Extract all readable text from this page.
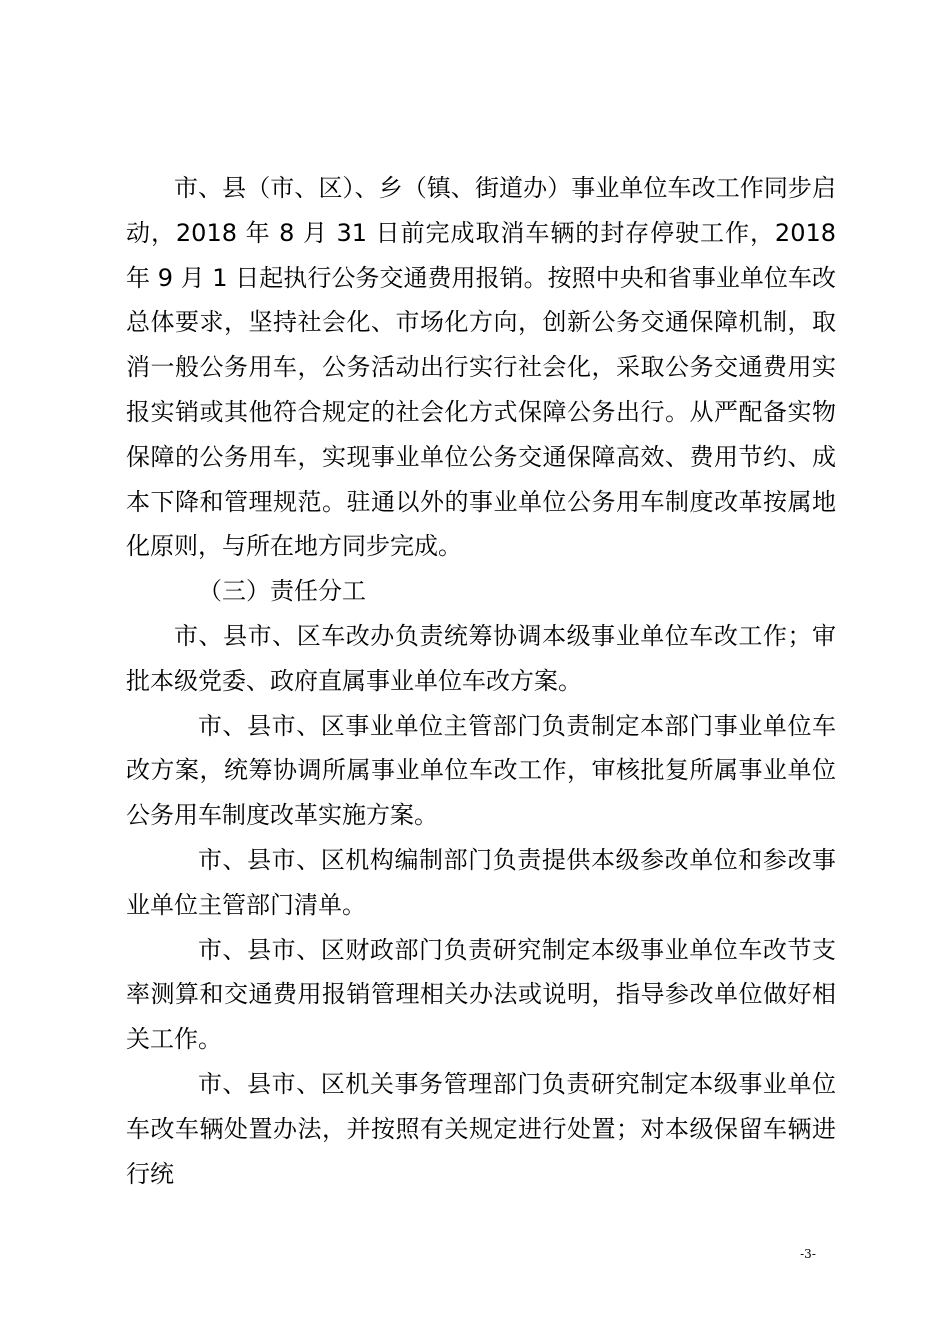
市、县（市、区）、乡（镇、街道办）事业单位车改工作同步启动，2018 年 8 月 31 日前完成取消车辆的封存停驶工作，2018 年 9 月 1 日起执行公务交通费用报销。按照中央和省事业单位车改总体要求，坚持社会化、市场化方向，创新公务交通保障机制，取消一般公务用车，公务活动出行实行社会化，采取公务交通费用实报实销或其他符合规定的社会化方式保障公务出行。从严配备实物保障的公务用车，实现事业单位公务交通保障高效、费用节约、成本下降和管理规范。驻通以外的事业单位公务用车制度改革按属地化原则，与所在地方同步完成。

（三）责任分工

市、县市、区车改办负责统筹协调本级事业单位车改工作；审批本级党委、政府直属事业单位车改方案。

市、县市、区事业单位主管部门负责制定本部门事业单位车改方案，统筹协调所属事业单位车改工作，审核批复所属事业单位公务用车制度改革实施方案。

市、县市、区机构编制部门负责提供本级参改单位和参改事业单位主管部门清单。

市、县市、区财政部门负责研究制定本级事业单位车改节支率测算和交通费用报销管理相关办法或说明，指导参改单位做好相关工作。

市、县市、区机关事务管理部门负责研究制定本级事业单位车改车辆处置办法，并按照有关规定进行处置；对本级保留车辆进行统

-3-
